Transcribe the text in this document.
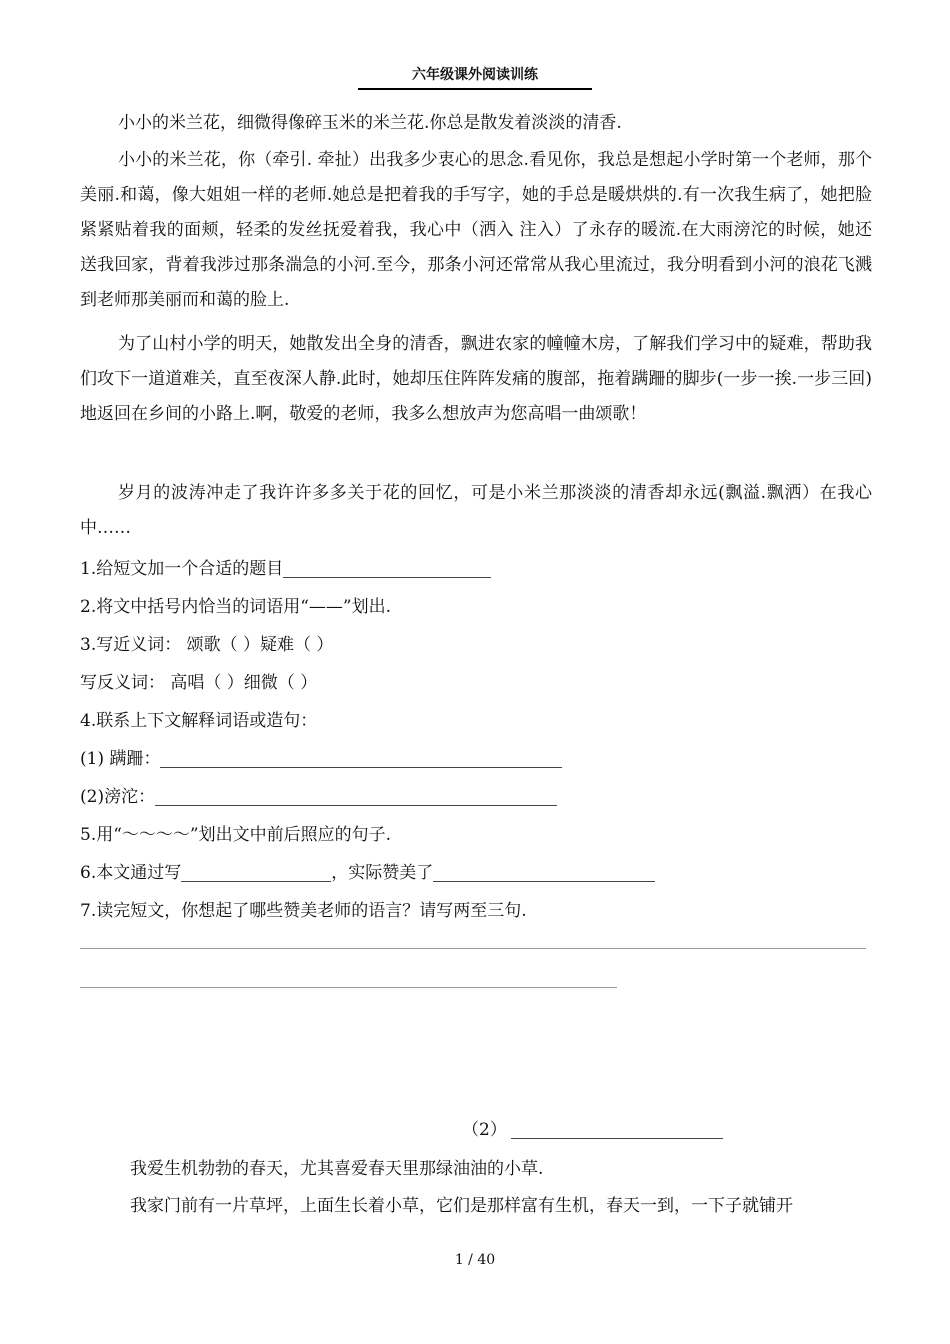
六年级课外阅读训练

小小的米兰花，细微得像碎玉米的米兰花.你总是散发着淡淡的清香.

小小的米兰花，你（牵引. 牵扯）出我多少衷心的思念.看见你，我总是想起小学时第一个老师，那个美丽.和蔼，像大姐姐一样的老师.她总是把着我的手写字，她的手总是暖烘烘的.有一次我生病了，她把脸紧紧贴着我的面颊，轻柔的发丝抚爱着我，我心中（洒入 注入）了永存的暖流.在大雨滂沱的时候，她还送我回家，背着我涉过那条湍急的小河.至今，那条小河还常常从我心里流过，我分明看到小河的浪花飞溅到老师那美丽而和蔼的脸上.

为了山村小学的明天，她散发出全身的清香，飘进农家的幢幢木房，了解我们学习中的疑难，帮助我们攻下一道道难关，直至夜深人静.此时，她却压住阵阵发痛的腹部，拖着蹒跚的脚步(一步一挨.一步三回)地返回在乡间的小路上.啊，敬爱的老师，我多么想放声为您高唱一曲颂歌！

岁月的波涛冲走了我许许多多关于花的回忆，可是小米兰那淡淡的清香却永远(飘溢.飘洒）在我心中……

1.给短文加一个合适的题目
2.将文中括号内恰当的词语用“——”划出.
3.写近义词： 颂歌（ ）疑难（ ）
写反义词： 高唱（ ）细微（ ）
4.联系上下文解释词语或造句：
(1) 蹒跚：
(2)滂沱：
5.用“～～～～”划出文中前后照应的句子.
6.本文通过写	，实际赞美了
7.读完短文，你想起了哪些赞美老师的语言？请写两至三句.
（2）

我爱生机勃勃的春天，尤其喜爱春天里那绿油油的小草.

我家门前有一片草坪，上面生长着小草，它们是那样富有生机，春天一到，一下子就铺开

1 / 40
